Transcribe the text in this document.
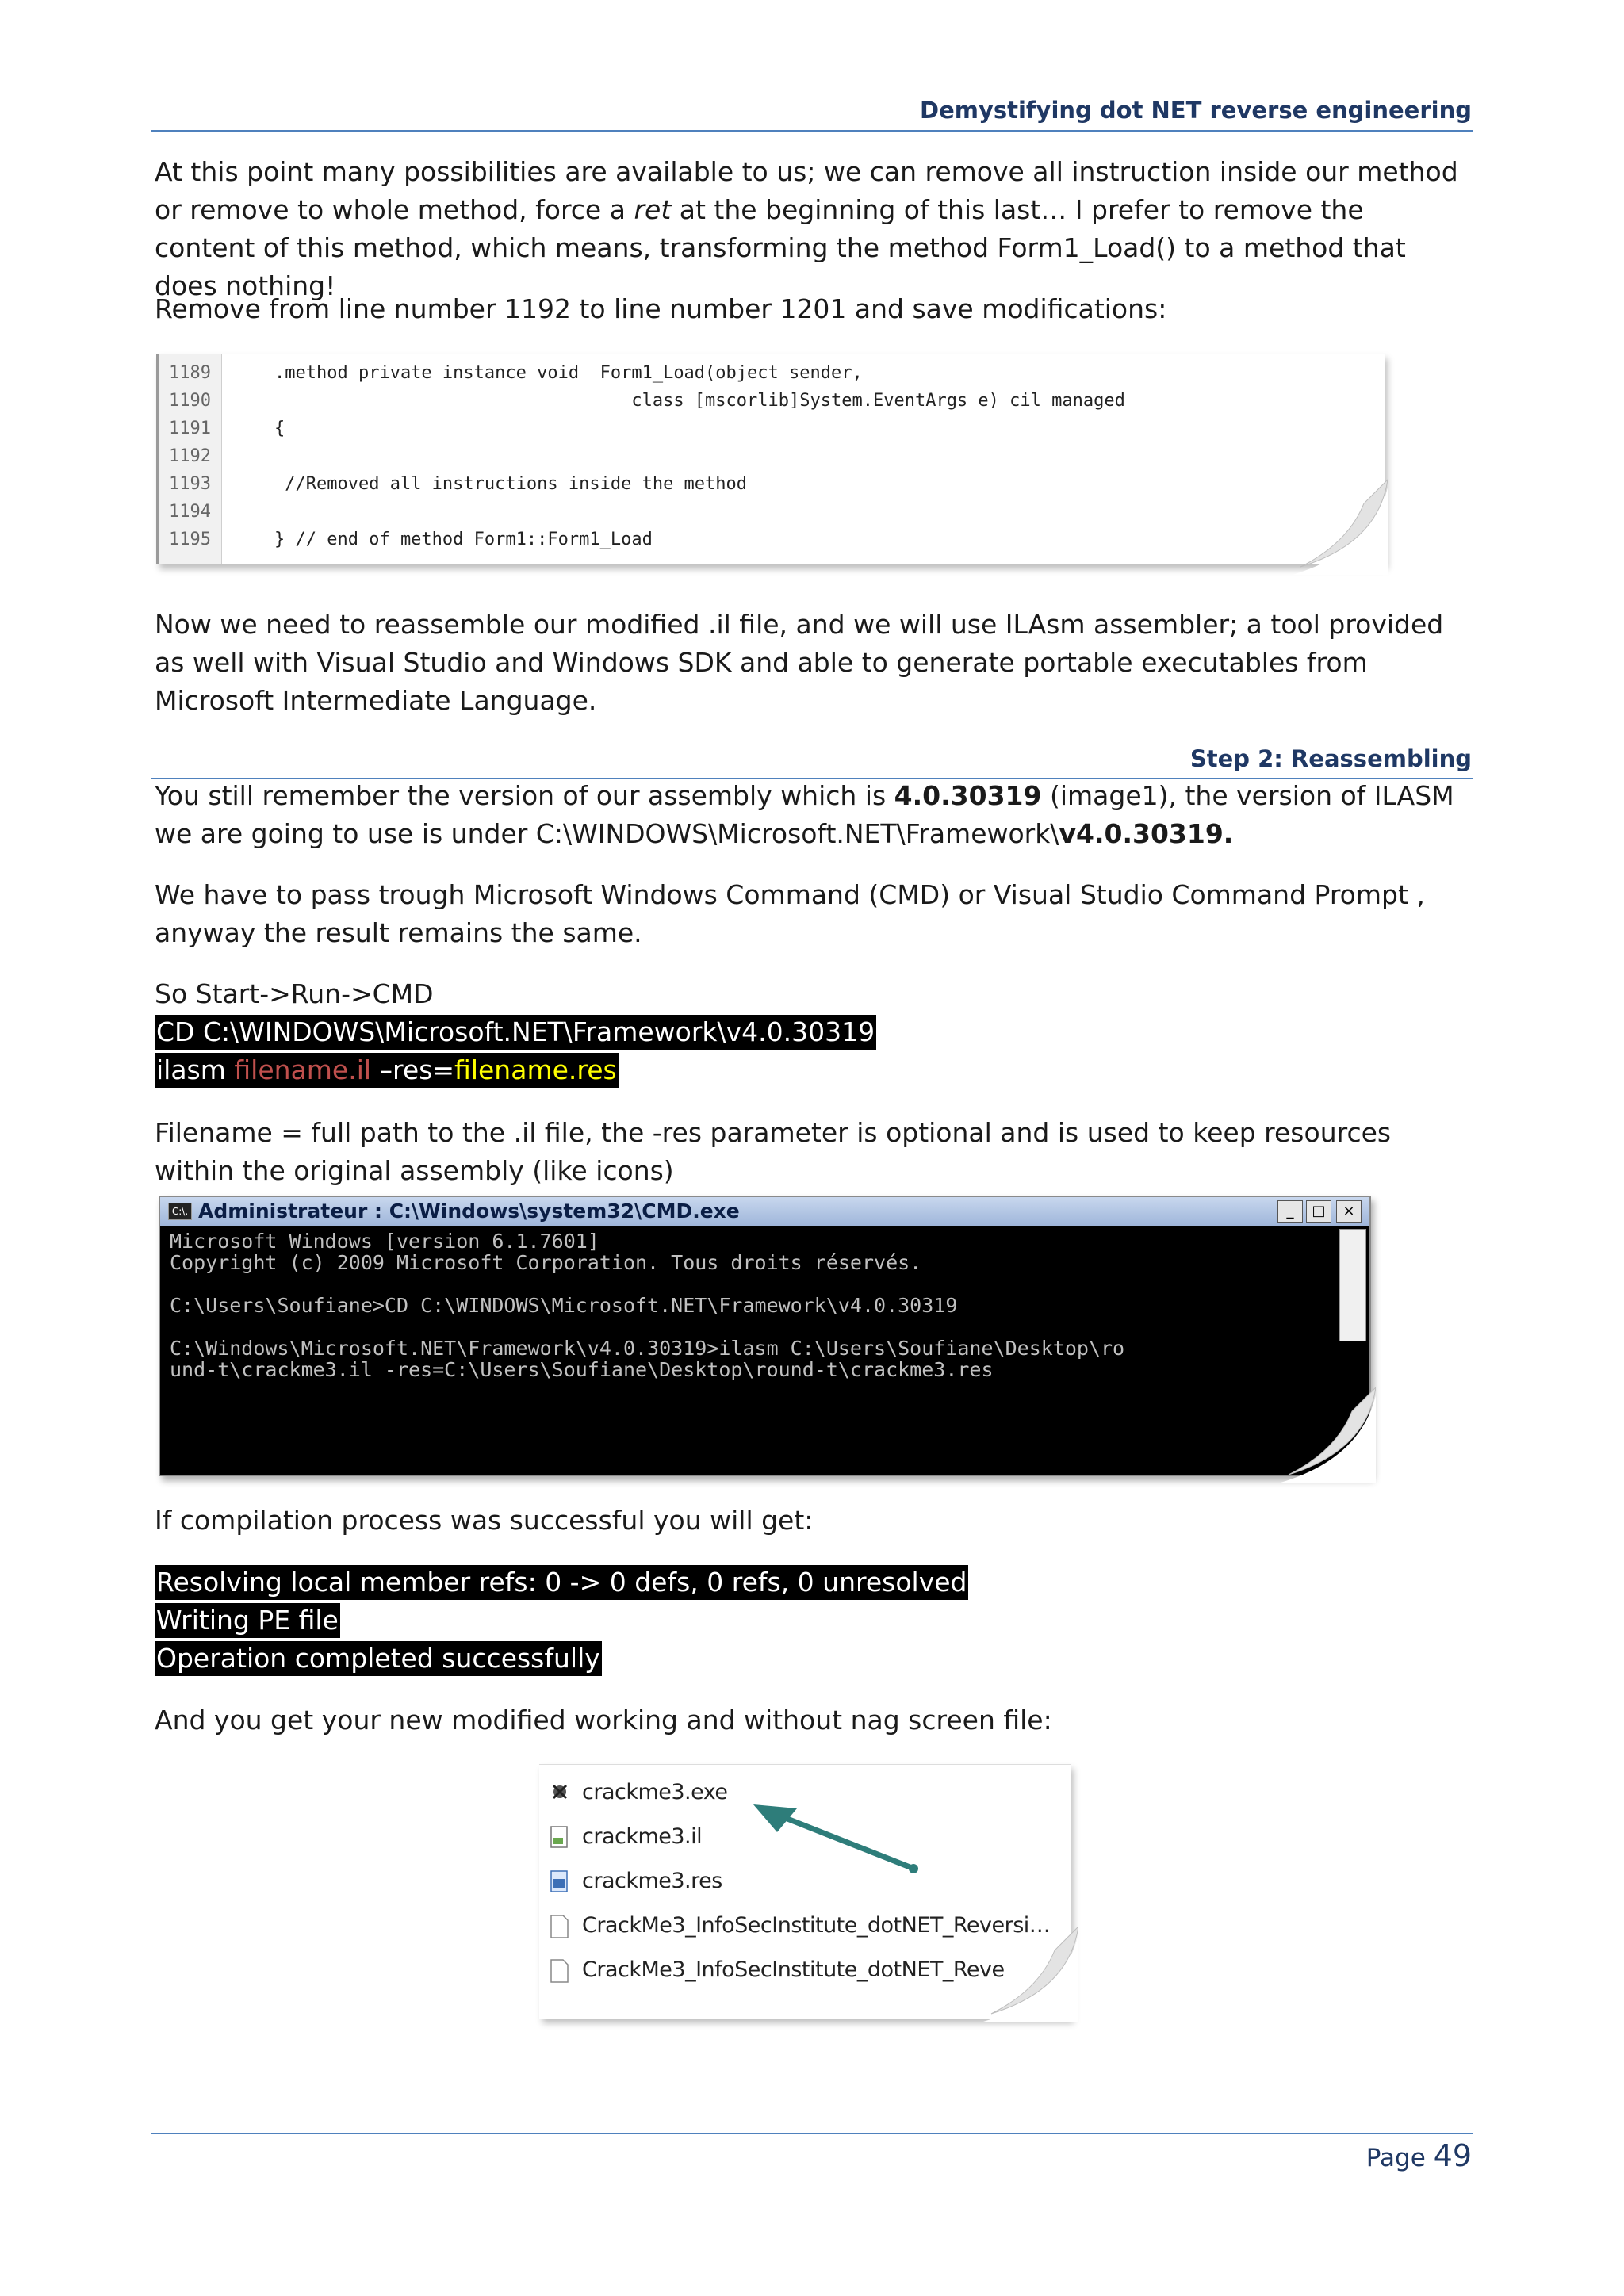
Demystifying dot NET reverse engineering

At this point many possibilities are available to us; we can remove all instruction inside our method or remove to whole method, force a ret at the beginning of this last… I prefer to remove the content of this method, which means, transforming the method Form1_Load() to a method that does nothing!

Remove from line number 1192 to line number 1201 and save modifications:

1189	.method private instance void  Form1_Load(object sender,
1190	class [mscorlib]System.EventArgs e) cil managed
1191	{
1192
1193	//Removed all instructions inside the method
1194
1195	} // end of method Form1::Form1_Load

Now we need to reassemble our modified .il file, and we will use ILAsm assembler; a tool provided as well with Visual Studio and Windows SDK and able to generate portable executables from Microsoft Intermediate Language.

Step 2: Reassembling

You still remember the version of our assembly which is 4.0.30319 (image1), the version of ILASM we are going to use is under C:\WINDOWS\Microsoft.NET\Framework\v4.0.30319.

We have to pass trough Microsoft Windows Command (CMD) or Visual Studio Command Prompt , anyway the result remains the same.

So Start->Run->CMD

CD C:\WINDOWS\Microsoft.NET\Framework\v4.0.30319
ilasm filename.il –res=filename.res

Filename = full path to the .il file, the -res parameter is optional and is used to keep resources within the original assembly (like icons)

C:\. Administrateur : C:\Windows\system32\CMD.exe	_	□	×
Microsoft Windows [version 6.1.7601]
Copyright (c) 2009 Microsoft Corporation. Tous droits réservés.
C:\Users\Soufiane>CD C:\WINDOWS\Microsoft.NET\Framework\v4.0.30319
C:\Windows\Microsoft.NET\Framework\v4.0.30319>ilasm C:\Users\Soufiane\Desktop\ro
und-t\crackme3.il -res=C:\Users\Soufiane\Desktop\round-t\crackme3.res

If compilation process was successful you will get:

Resolving local member refs: 0 -> 0 defs, 0 refs, 0 unresolved
Writing PE file
Operation completed successfully

And you get your new modified working and without nag screen file:

crackme3.exe
crackme3.il
crackme3.res
CrackMe3_InfoSecInstitute_dotNET_Reversi…
CrackMe3_InfoSecInstitute_dotNET_Reve
Page 49
